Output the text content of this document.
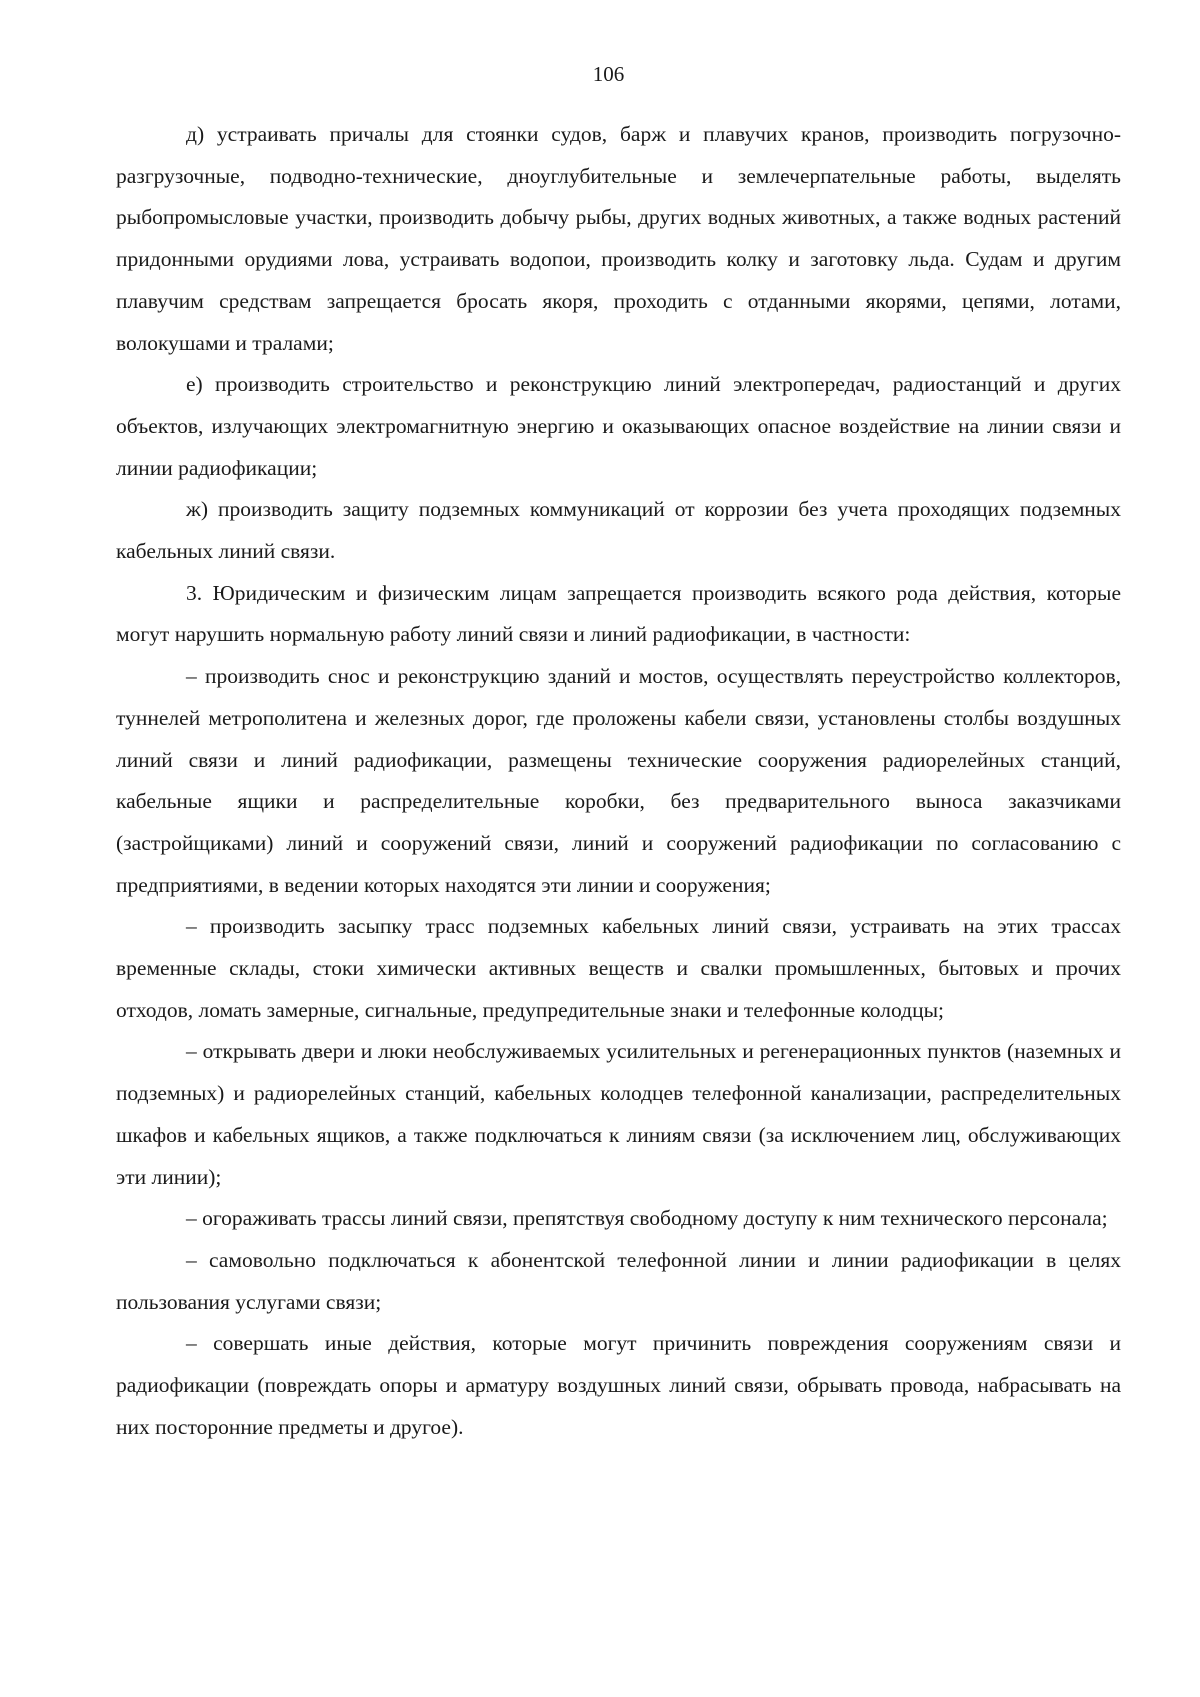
106

д) устраивать причалы для стоянки судов, барж и плавучих кранов, производить погрузочно-разгрузочные, подводно-технические, дноуглубительные и землечерпательные работы, выделять рыбопромысловые участки, производить добычу рыбы, других водных животных, а также водных растений придонными орудиями лова, устраивать водопои, производить колку и заготовку льда. Судам и другим плавучим средствам запрещается бросать якоря, проходить с отданными якорями, цепями, лотами, волокушами и тралами;

е) производить строительство и реконструкцию линий электропередач, радиостанций и других объектов, излучающих электромагнитную энергию и оказывающих опасное воздействие на линии связи и линии радиофикации;

ж) производить защиту подземных коммуникаций от коррозии без учета проходящих подземных кабельных линий связи.

3. Юридическим и физическим лицам запрещается производить всякого рода действия, которые могут нарушить нормальную работу линий связи и линий радиофикации, в частности:

– производить снос и реконструкцию зданий и мостов, осуществлять переустройство коллекторов, туннелей метрополитена и железных дорог, где проложены кабели связи, установлены столбы воздушных линий связи и линий радиофикации, размещены технические сооружения радиорелейных станций, кабельные ящики и распределительные коробки, без предварительного выноса заказчиками (застройщиками) линий и сооружений связи, линий и сооружений радиофикации по согласованию с предприятиями, в ведении которых находятся эти линии и сооружения;

– производить засыпку трасс подземных кабельных линий связи, устраивать на этих трассах временные склады, стоки химически активных веществ и свалки промышленных, бытовых и прочих отходов, ломать замерные, сигнальные, предупредительные знаки и телефонные колодцы;

– открывать двери и люки необслуживаемых усилительных и регенерационных пунктов (наземных и подземных) и радиорелейных станций, кабельных колодцев телефонной канализации, распределительных шкафов и кабельных ящиков, а также подключаться к линиям связи (за исключением лиц, обслуживающих эти линии);

– огораживать трассы линий связи, препятствуя свободному доступу к ним технического персонала;

– самовольно подключаться к абонентской телефонной линии и линии радиофикации в целях пользования услугами связи;

– совершать иные действия, которые могут причинить повреждения сооружениям связи и радиофикации (повреждать опоры и арматуру воздушных линий связи, обрывать провода, набрасывать на них посторонние предметы и другое).
